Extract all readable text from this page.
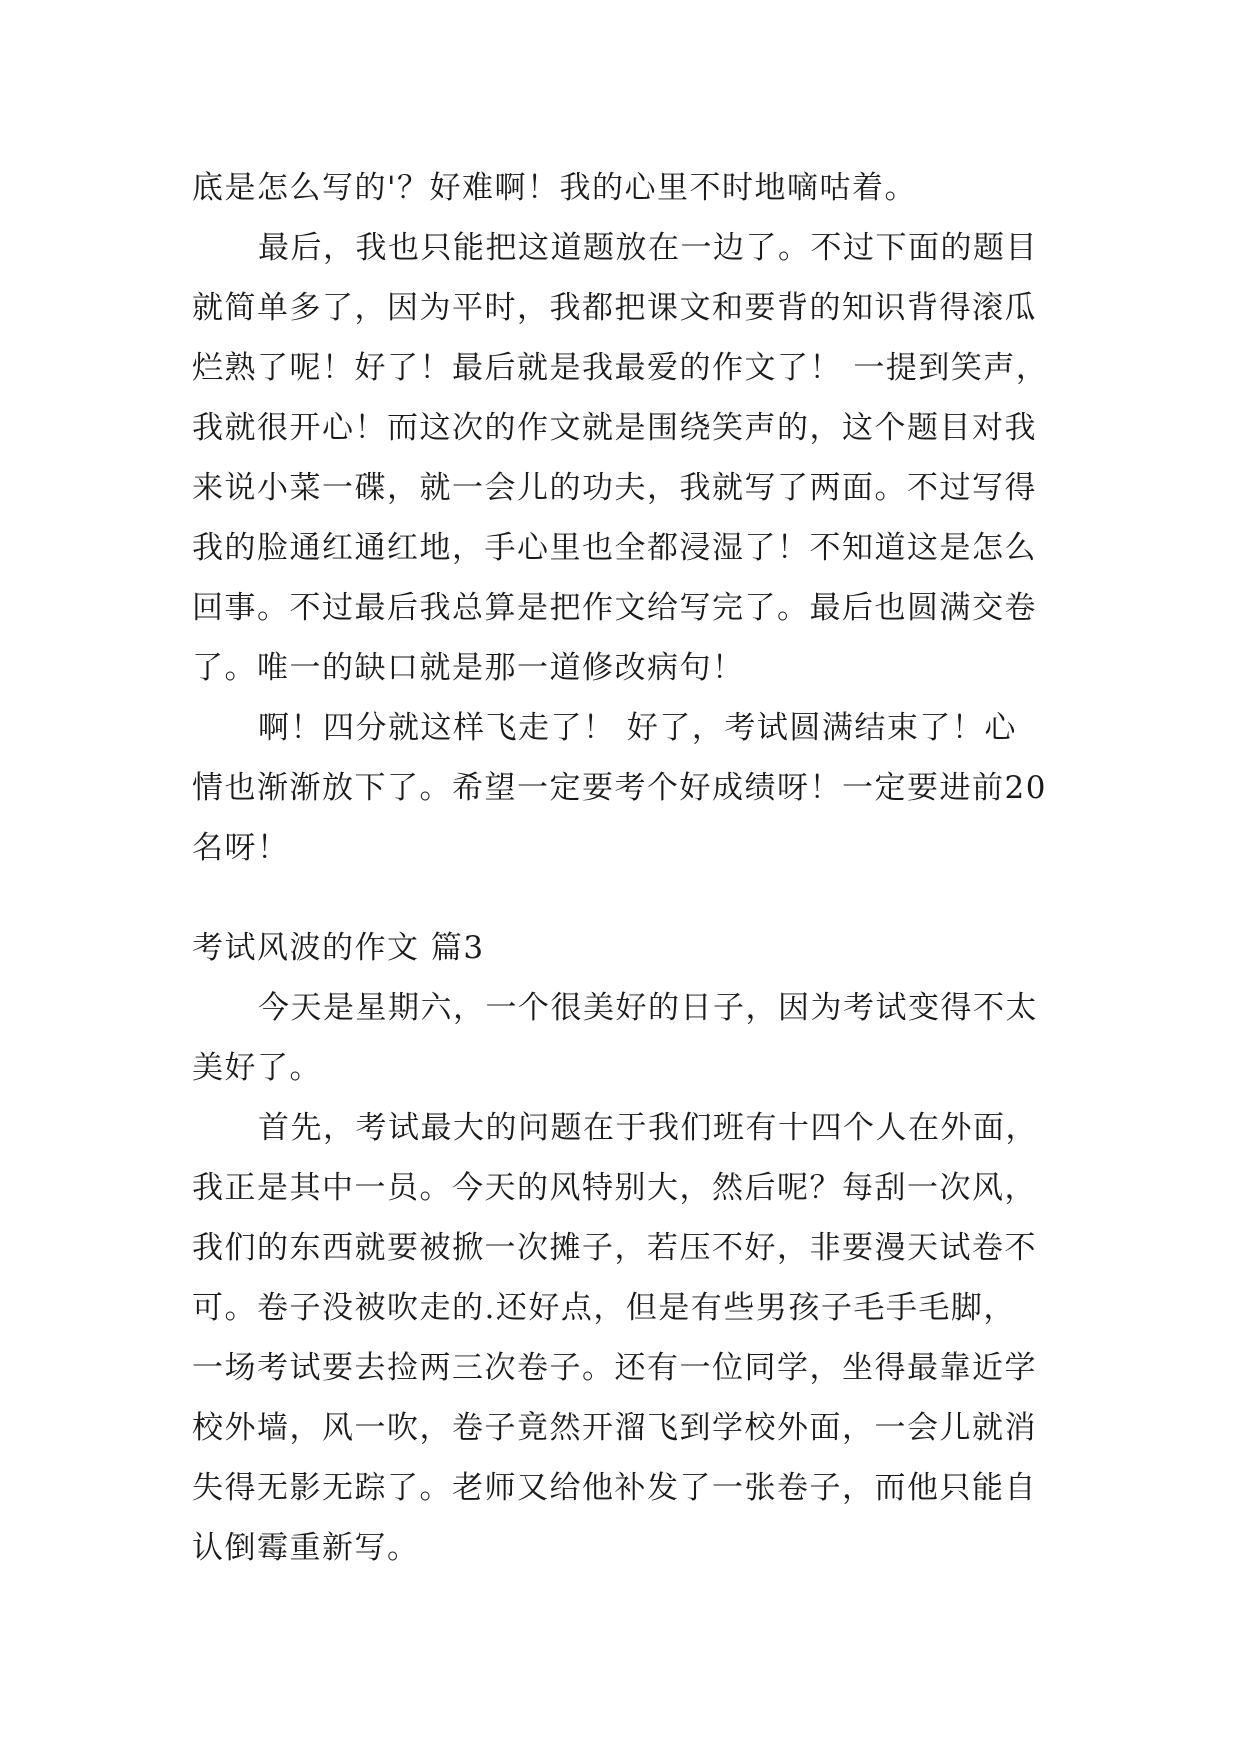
底是怎么写的'？好难啊！我的心里不时地嘀咕着。
最后，我也只能把这道题放在一边了。不过下面的题目
就简单多了，因为平时，我都把课文和要背的知识背得滚瓜
烂熟了呢！好了！最后就是我最爱的作文了！ 一提到笑声，
我就很开心！而这次的作文就是围绕笑声的，这个题目对我
来说小菜一碟，就一会儿的功夫，我就写了两面。不过写得
我的脸通红通红地，手心里也全都浸湿了！不知道这是怎么
回事。不过最后我总算是把作文给写完了。最后也圆满交卷
了。唯一的缺口就是那一道修改病句！
啊！四分就这样飞走了！ 好了，考试圆满结束了！心
情也渐渐放下了。希望一定要考个好成绩呀！一定要进前20
名呀！
考试风波的作文 篇3
今天是星期六，一个很美好的日子，因为考试变得不太
美好了。
首先，考试最大的问题在于我们班有十四个人在外面，
我正是其中一员。今天的风特别大，然后呢？每刮一次风，
我们的东西就要被掀一次摊子，若压不好，非要漫天试卷不
可。卷子没被吹走的.还好点，但是有些男孩子毛手毛脚，
一场考试要去捡两三次卷子。还有一位同学，坐得最靠近学
校外墙，风一吹，卷子竟然开溜飞到学校外面，一会儿就消
失得无影无踪了。老师又给他补发了一张卷子，而他只能自
认倒霉重新写。
